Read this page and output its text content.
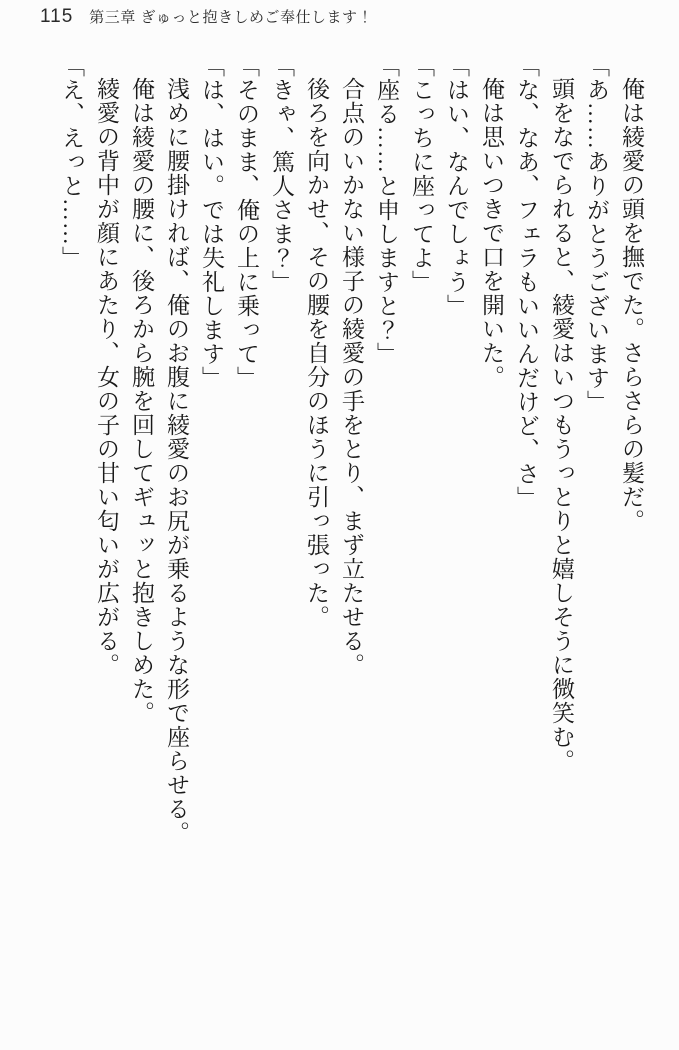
115 第三章 ぎゅっと抱きしめご奉仕します！

俺は綾愛の頭を撫でた。さらさらの髪だ。

「あ……ありがとうございます」

頭をなでられると、綾愛はいつもうっとりと嬉しそうに微笑む。

「な、なあ、フェラもいいんだけど、さ」

俺は思いつきで口を開いた。

「はい、なんでしょう」

「こっちに座ってよ」

「座る……と申しますと？」

合点のいかない様子の綾愛の手をとり、まず立たせる。

後ろを向かせ、その腰を自分のほうに引っ張った。

「きゃ、篤人さま？」

「そのまま、俺の上に乗って」

「は、はい。では失礼します」

浅めに腰掛ければ、俺のお腹に綾愛のお尻が乗るような形で座らせる。

俺は綾愛の腰に、後ろから腕を回してギュッと抱きしめた。

綾愛の背中が顔にあたり、女の子の甘い匂いが広がる。

「え、えっと……」
